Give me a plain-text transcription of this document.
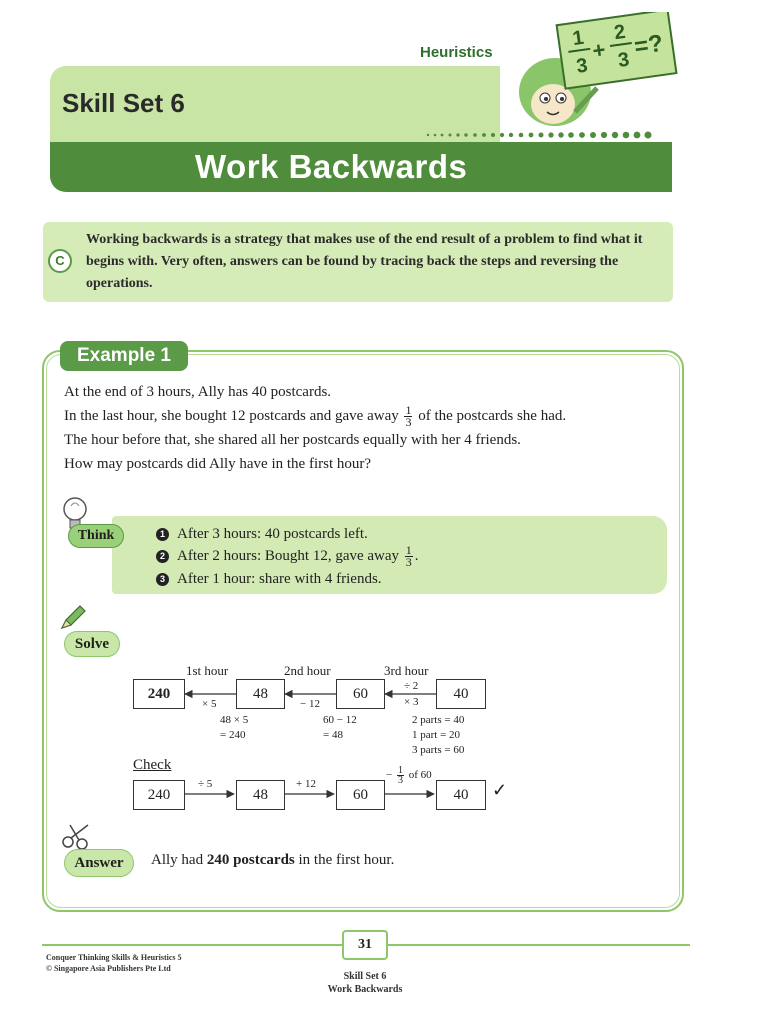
Skill Set 6
Heuristics
Work Backwards
1
3
+
2
3 =?
C
Working backwards is a strategy that makes use of the end result of a problem to find what it begins with. Very often, answers can be found by tracing back the steps and reversing the operations.
Example 1

At the end of 3 hours, Ally has 40 postcards.

In the last hour, she bought 12 postcards and gave away $\frac{1}{3}$ of the postcards she had.

The hour before that, she shared all her postcards equally with her 4 friends.

How may postcards did Ally have in the first hour?

Think	1 After 3 hours: 40 postcards left.
2 After 2 hours: Bought 12, gave away $\frac{1}{3}$ .
3 After 1 hour: share with 4 friends.
Solve
1st hour	2nd hour	3rd hour
240	48	60	40
× 5	− 12
÷ 2
× 3
48 × 5
= 240
60 − 12
= 48
2 parts = 40
1 part = 20
3 parts = 60
Check
240	48	60	40	✓
÷ 5	+ 12
− $\frac{1}{3}$ of 60
Answer	Ally had 240 postcards in the first hour.
31
Conquer Thinking Skills & Heuristics 5
© Singapore Asia Publishers Pte Ltd
Skill Set 6
Work Backwards
